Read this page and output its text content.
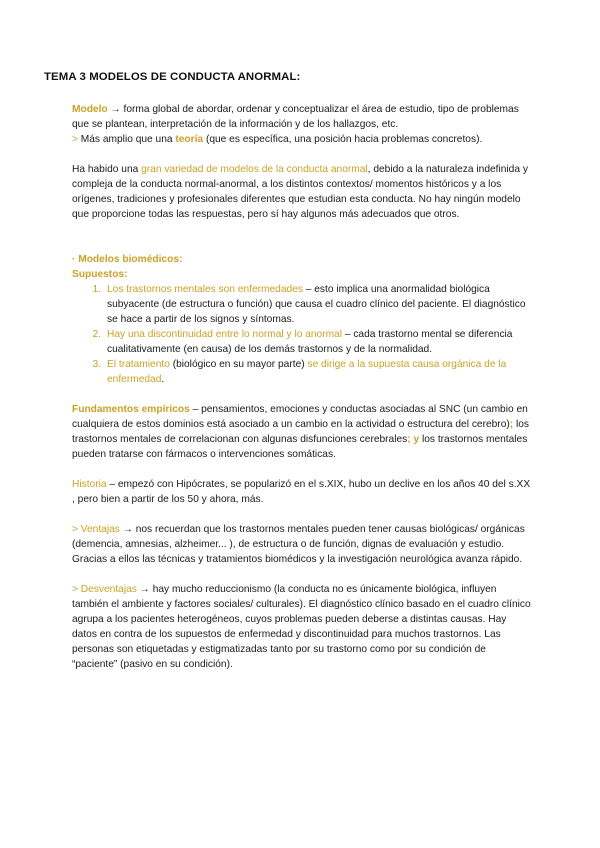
TEMA 3 MODELOS DE CONDUCTA ANORMAL:

Modelo → forma global de abordar, ordenar y conceptualizar el área de estudio, tipo de problemas que se plantean, interpretación de la información y de los hallazgos, etc.

> Más amplio que una teoría (que es específica, una posición hacia problemas concretos).

Ha habido una gran variedad de modelos de la conducta anormal, debido a la naturaleza indefinida y compleja de la conducta normal-anormal, a los distintos contextos/ momentos históricos y a los orígenes, tradiciones y profesionales diferentes que estudian esta conducta. No hay ningún modelo que proporcione todas las respuestas, pero sí hay algunos más adecuados que otros.

· Modelos biomédicos:

Supuestos:

1. Los trastornos mentales son enfermedades – esto implica una anormalidad biológica subyacente (de estructura o función) que causa el cuadro clínico del paciente. El diagnóstico se hace a partir de los signos y síntomas.
2. Hay una discontinuidad entre lo normal y lo anormal – cada trastorno mental se diferencia cualitativamente (en causa) de los demás trastornos y de la normalidad.
3. El tratamiento (biológico en su mayor parte) se dirige a la supuesta causa orgánica de la enfermedad.

Fundamentos empíricos – pensamientos, emociones y conductas asociadas al SNC (un cambio en cualquiera de estos dominios está asociado a un cambio en la actividad o estructura del cerebro); los trastornos mentales de correlacionan con algunas disfunciones cerebrales; y los trastornos mentales pueden tratarse con fármacos o intervenciones somáticas.

Historia – empezó con Hipócrates, se popularizó en el s.XIX, hubo un declive en los años 40 del s.XX , pero bien a partir de los 50 y ahora, más.

> Ventajas → nos recuerdan que los trastornos mentales pueden tener causas biológicas/ orgánicas (demencia, amnesias, alzheimer... ), de estructura o de función, dignas de evaluación y estudio. Gracias a ellos las técnicas y tratamientos biomédicos y la investigación neurológica avanza rápido.

> Desventajas → hay mucho reduccionismo (la conducta no es únicamente biológica, influyen también el ambiente y factores sociales/ culturales). El diagnóstico clínico basado en el cuadro clínico agrupa a los pacientes heterogéneos, cuyos problemas pueden deberse a distintas causas. Hay datos en contra de los supuestos de enfermedad y discontinuidad para muchos trastornos. Las personas son etiquetadas y estigmatizadas tanto por su trastorno como por su condición de “paciente” (pasivo en su condición).
